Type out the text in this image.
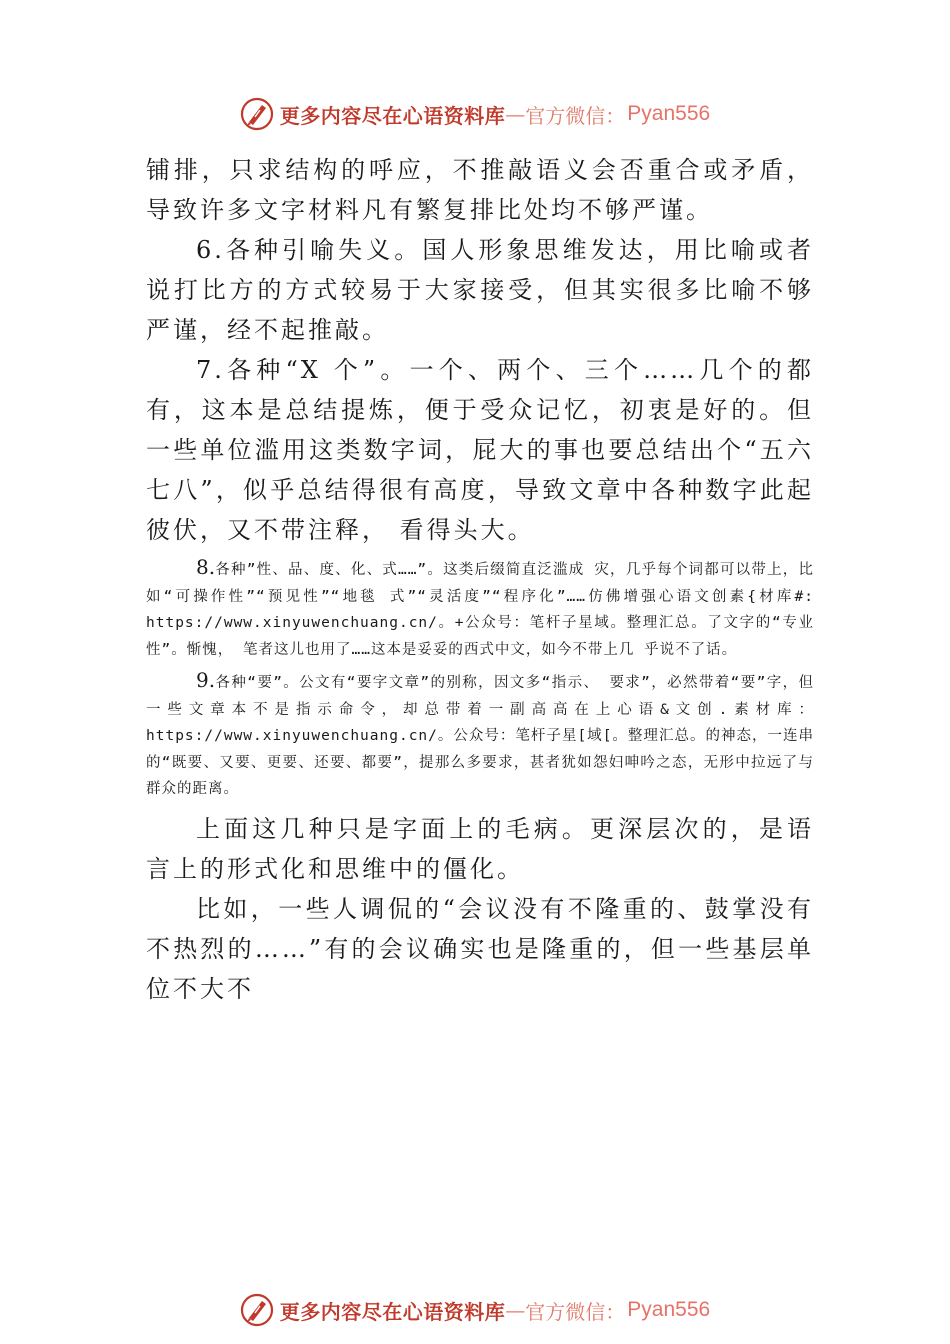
更多内容尽在心语资料库 — 官方微信： Pyan556

铺排，只求结构的呼应，不推敲语义会否重合或矛盾，导致许多文字材料凡有繁复排比处均不够严谨。

6.各种引喻失义。国人形象思维发达，用比喻或者说打比方的方式较易于大家接受，但其实很多比喻不够严谨，经不起推敲。

7.各种“X 个”。一个、两个、三个……几个的都有，这本是总结提炼，便于受众记忆，初衷是好的。但一些单位滥用这类数字词，屁大的事也要总结出个“五六七八”，似乎总结得很有高度，导致文章中各种数字此起彼伏，又不带注释， 看得头大。

8.各种”性、品、度、化、式……”。这类后缀简直泛滥成 灾，几乎每个词都可以带上，比如“可操作性”“预见性”“地毯 式”“灵活度”“程序化”……仿佛增强心语文创素{材库#: https://www.xinyuwenchuang.cn/。+公众号：笔杆子星域。整理汇总。了文字的“专业性”。惭愧， 笔者这儿也用了……这本是妥妥的西式中文，如今不带上几 乎说不了话。

9.各种“要”。公文有“要字文章”的别称，因文多“指示、 要求”，必然带着“要”字，但一些文章本不是指示命令，却总带着一副高高在上心语&文创.素材库：https://www.xinyuwenchuang.cn/。公众号：笔杆子星[域[。整理汇总。的神态，一连串的“既要、又要、更要、还要、都要”，提那么多要求，甚者犹如怨妇呻吟之态，无形中拉远了与群众的距离。

上面这几种只是字面上的毛病。更深层次的，是语言上的形式化和思维中的僵化。

比如，一些人调侃的“会议没有不隆重的、鼓掌没有不热烈的……”有的会议确实也是隆重的，但一些基层单位不大不

更多内容尽在心语资料库 — 官方微信： Pyan556
